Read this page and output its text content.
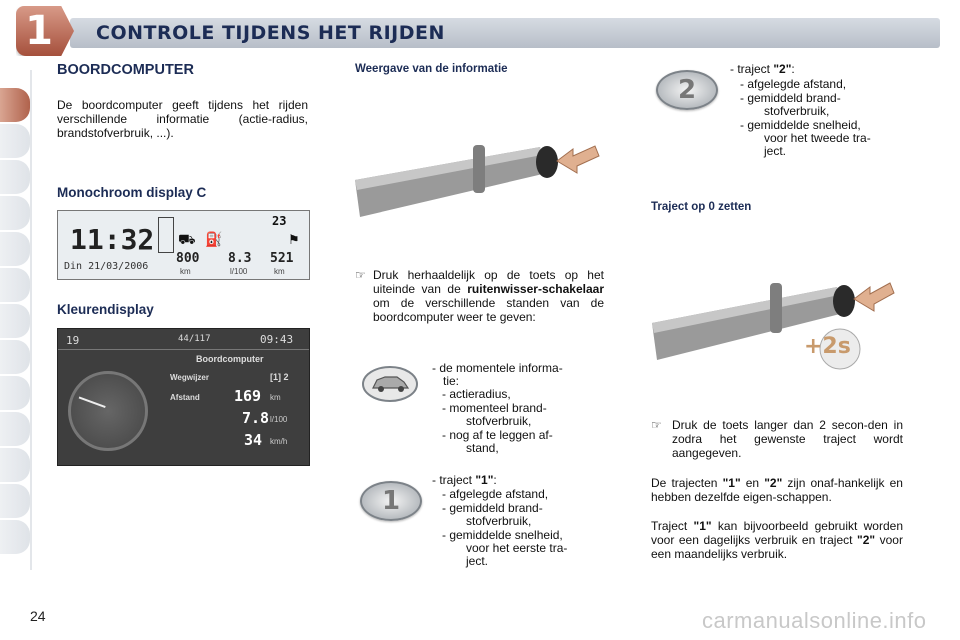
1	CONTROLE TIJDENS HET RIJDEN
BOORDCOMPUTER
De boordcomputer geeft tijdens het rijden verschillende informatie (actie-radius, brandstofverbruik, ...).
Monochroom display C
11:32
Din 21/03/2006
23
⚑
⛟ ⛽
800 8.3 521
km	l/100	km
Kleurendisplay
19	44/117	09:43
Boordcomputer
Wegwijzer	[1] 2
Afstand 169 km
7.8 l/100
34 km/h
Weergave van de informatie
☞ Druk herhaaldelijk op de toets op het uiteinde van de ruitenwisser-schakelaar om de verschillende standen van de boordcomputer weer te geven:
- de momentele informa-
tie:
- actieradius,
- momenteel brand-
stofverbruik,
- nog af te leggen af-
stand,
1
- traject "1":
- afgelegde afstand,
- gemiddeld brand-
stofverbruik,
- gemiddelde snelheid,
voor het eerste tra-
ject.
2
- traject "2":
- afgelegde afstand,
- gemiddeld brand-
stofverbruik,
- gemiddelde snelheid,
voor het tweede tra-
ject.
Traject op 0 zetten
+2s
☞ Druk de toets langer dan 2 secon-den in zodra het gewenste traject wordt aangegeven.
De trajecten "1" en "2" zijn onaf-hankelijk en hebben dezelfde eigen-schappen.
Traject "1" kan bijvoorbeeld gebruikt worden voor een dagelijks verbruik en traject "2" voor een maandelijks verbruik.
24	carmanualsonline.info
